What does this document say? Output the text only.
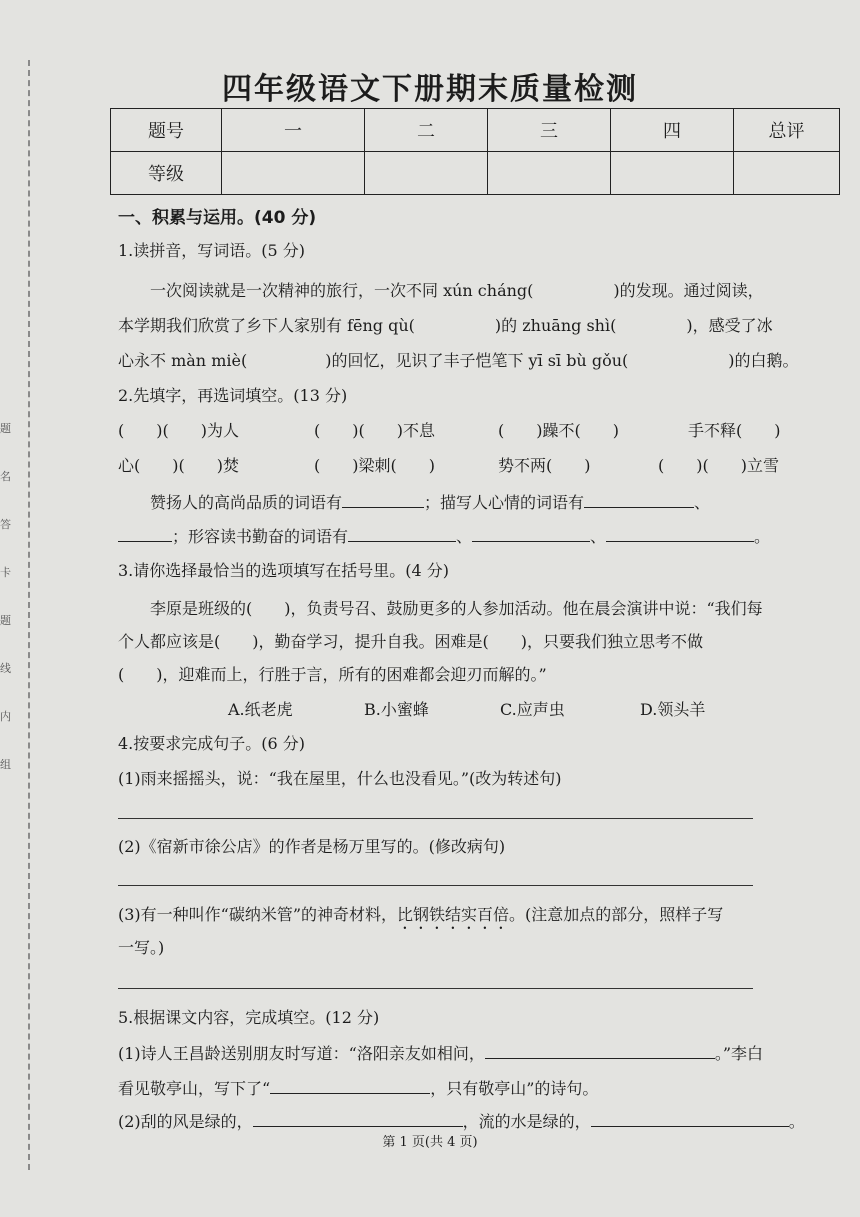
题
名
答
卡
题
线
内
组
四年级语文下册期末质量检测
题号	一	二	三	四	总评
等级					
一、积累与运用。(40 分)
1.读拼音，写词语。(5 分)
一次阅读就是一次精神的旅行，一次不同 xún cháng(	)的发现。通过阅读，
本学期我们欣赏了乡下人家别有 fēng qù(	)的 zhuāng shì(	)，感受了冰
心永不 màn miè(	)的回忆，见识了丰子恺笔下 yī sī bù gǒu(	)的白鹅。
2.先填字，再选词填空。(13 分)
(　　)(　　)为人	(　　)(　　)不息	(　　)躁不(　　)	手不释(　　)
心(　　)(　　)焚	(　　)梁刺(　　)	势不两(　　)	(　　)(　　)立雪
赞扬人的高尚品质的词语有	；描写人心情的词语有	、
；形容读书勤奋的词语有	、	、	。
3.请你选择最恰当的选项填写在括号里。(4 分)
李原是班级的(　　)，负责号召、鼓励更多的人参加活动。他在晨会演讲中说：“我们每
个人都应该是(　　)，勤奋学习，提升自我。困难是(　　)，只要我们独立思考不做
(　　)，迎难而上，行胜于言，所有的困难都会迎刃而解的。”
A.纸老虎	B.小蜜蜂	C.应声虫	D.领头羊
4.按要求完成句子。(6 分)
(1)雨来摇摇头，说：“我在屋里，什么也没看见。”(改为转述句)
(2)《宿新市徐公店》的作者是杨万里写的。(修改病句)
(3)有一种叫作“碳纳米管”的神奇材料，比钢铁结实百倍。(注意加点的部分，照样子写
一写。)
5.根据课文内容，完成填空。(12 分)
(1)诗人王昌龄送别朋友时写道：“洛阳亲友如相问，	。”李白
看见敬亭山，写下了“	，只有敬亭山”的诗句。
(2)刮的风是绿的，	，流的水是绿的，	。
第 1 页(共 4 页)
